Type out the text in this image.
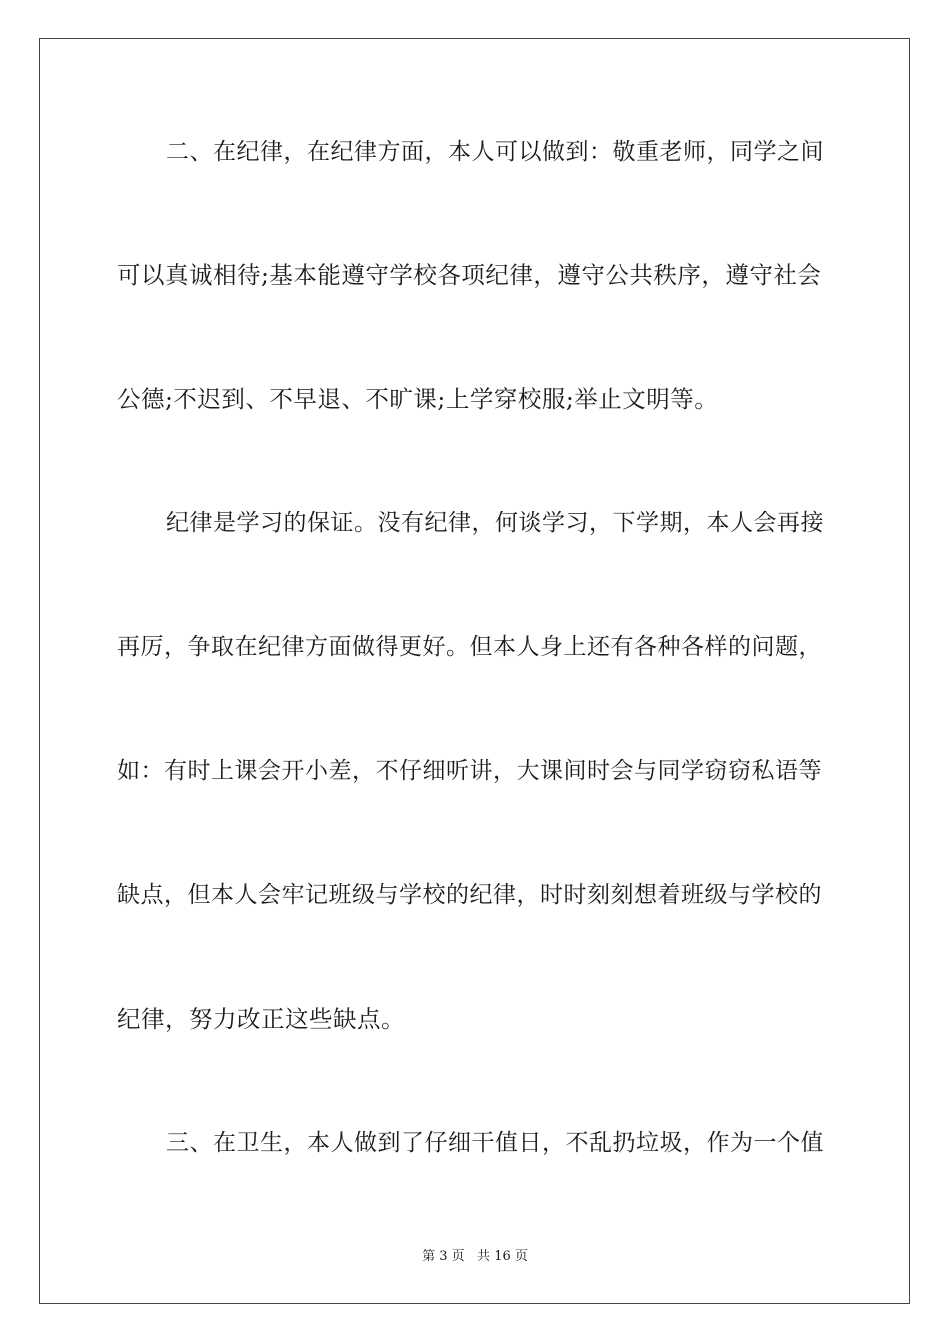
二、在纪律，在纪律方面，本人可以做到：敬重老师，同学之间
可以真诚相待;基本能遵守学校各项纪律，遵守公共秩序，遵守社会
公德;不迟到、不早退、不旷课;上学穿校服;举止文明等。
纪律是学习的保证。没有纪律，何谈学习，下学期，本人会再接
再厉，争取在纪律方面做得更好。但本人身上还有各种各样的问题，
如：有时上课会开小差，不仔细听讲，大课间时会与同学窃窃私语等
缺点，但本人会牢记班级与学校的纪律，时时刻刻想着班级与学校的
纪律，努力改正这些缺点。
三、在卫生，本人做到了仔细干值日，不乱扔垃圾，作为一个值
第 3 页   共 16 页
